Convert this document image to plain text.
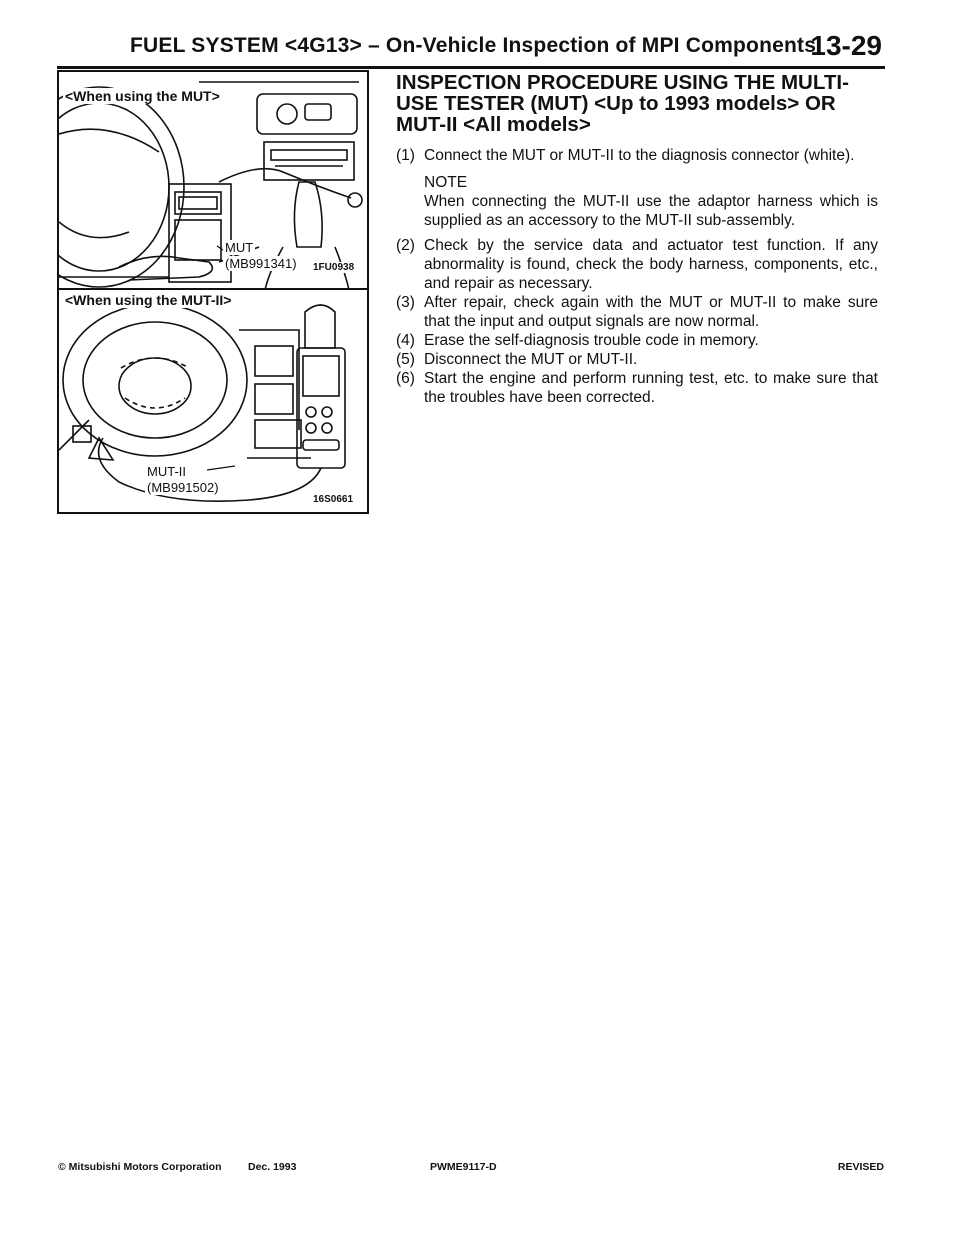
FUEL SYSTEM <4G13> – On-Vehicle Inspection of MPI Components
13-29
<When using the MUT>
MUT
(MB991341) 1FU0938
<When using the MUT-II>
MUT-II
(MB991502)
16S0661
INSPECTION PROCEDURE USING THE MULTI-USE TESTER (MUT) <Up to 1993 models> OR MUT-II <All models>
(1) Connect the MUT or MUT-II to the diagnosis connector (white).
NOTE
When connecting the MUT-II use the adaptor harness which is supplied as an accessory to the MUT-II sub-assembly.
(2) Check by the service data and actuator test function. If any abnormality is found, check the body harness, components, etc., and repair as necessary.
(3) After repair, check again with the MUT or MUT-II to make sure that the input and output signals are now normal.
(4) Erase the self-diagnosis trouble code in memory.
(5) Disconnect the MUT or MUT-II.
(6) Start the engine and perform running test, etc. to make sure that the troubles have been corrected.
© Mitsubishi Motors Corporation	Dec. 1993	PWME9117-D	REVISED
